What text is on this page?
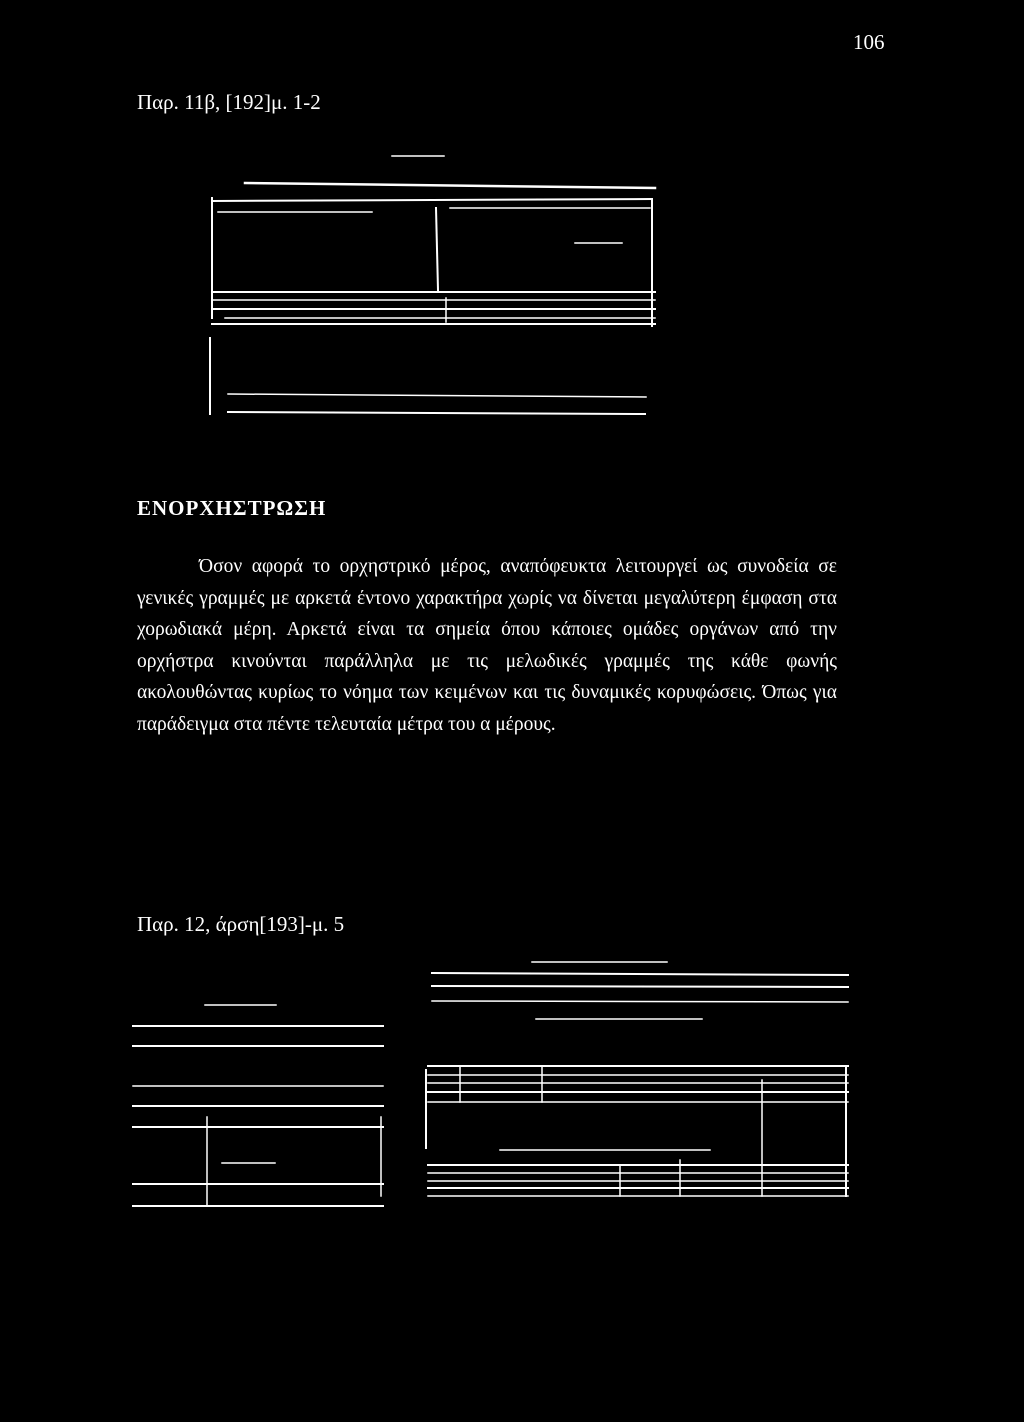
106
Παρ. 11β, [192]μ. 1-2
ΕΝΟΡΧΗΣΤΡΩΣΗ
Όσον αφορά το ορχηστρικό μέρος, αναπόφευκτα λειτουργεί ως συνοδεία σε γενικές γραμμές με αρκετά έντονο χαρακτήρα χωρίς να δίνεται μεγαλύτερη έμφαση στα χορωδιακά μέρη. Αρκετά είναι τα σημεία όπου κάποιες ομάδες οργάνων από την ορχήστρα κινούνται παράλληλα με τις μελωδικές γραμμές της κάθε φωνής ακολουθώντας κυρίως το νόημα των κειμένων και τις δυναμικές κορυφώσεις. Όπως για παράδειγμα στα πέντε τελευταία μέτρα του α μέρους.
Παρ. 12, άρση[193]-μ. 5
